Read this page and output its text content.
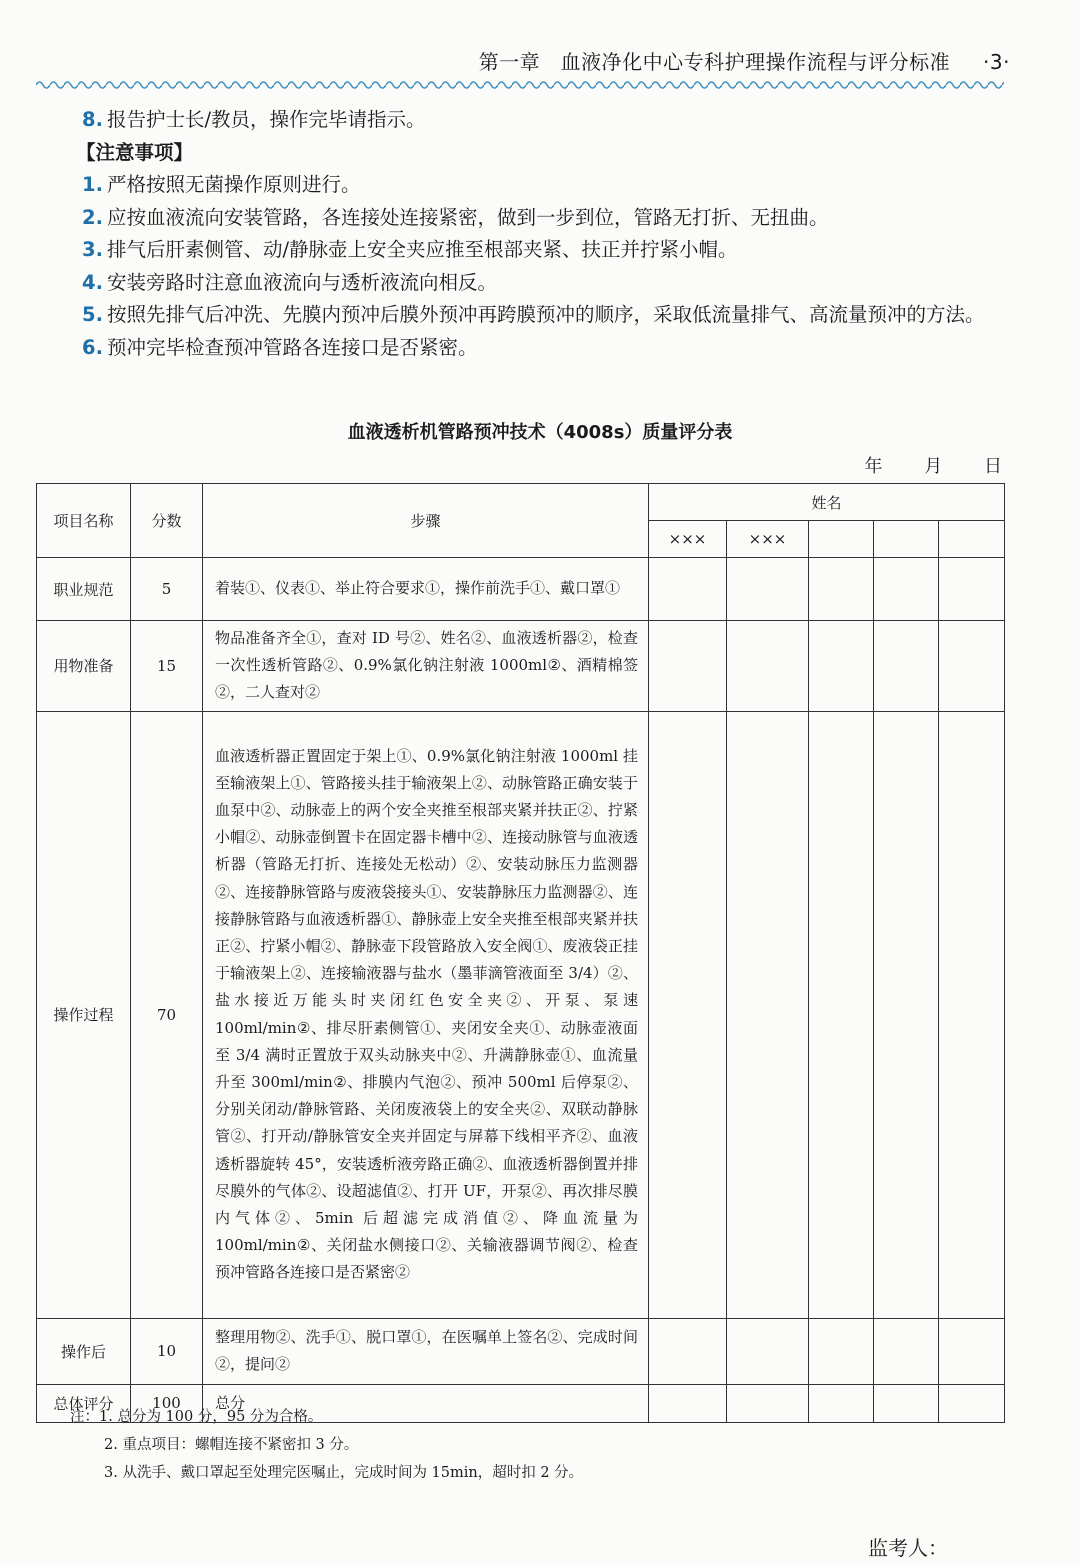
第一章　血液净化中心专科护理操作流程与评分标准 ·3·

8. 报告护士长/教员，操作完毕请指示。

【注意事项】

1. 严格按照无菌操作原则进行。

2. 应按血液流向安装管路，各连接处连接紧密，做到一步到位，管路无打折、无扭曲。

3. 排气后肝素侧管、动/静脉壶上安全夹应推至根部夹紧、扶正并拧紧小帽。

4. 安装旁路时注意血液流向与透析液流向相反。

5. 按照先排气后冲洗、先膜内预冲后膜外预冲再跨膜预冲的顺序，采取低流量排气、高流量预冲的方法。

6. 预冲完毕检查预冲管路各连接口是否紧密。

血液透析机管路预冲技术（4008s）质量评分表
年 月 日
项目名称	分数	步骤	姓名				
			×××	×××			
职业规范	5	着装①、仪表①、举止符合要求①，操作前洗手①、戴口罩①					
用物准备	15	物品准备齐全①，查对 ID 号②、姓名②、血液透析器②，检查一次性透析管路②、0.9%氯化钠注射液 1000ml②、酒精棉签②，二人查对②					
操作过程	70	血液透析器正置固定于架上①、0.9%氯化钠注射液 1000ml 挂至输液架上①、管路接头挂于输液架上②、动脉管路正确安装于血泵中②、动脉壶上的两个安全夹推至根部夹紧并扶正②、拧紧小帽②、动脉壶倒置卡在固定器卡槽中②、连接动脉管与血液透析器（管路无打折、连接处无松动）②、安装动脉压力监测器②、连接静脉管路与废液袋接头①、安装静脉压力监测器②、连接静脉管路与血液透析器①、静脉壶上安全夹推至根部夹紧并扶正②、拧紧小帽②、静脉壶下段管路放入安全阀①、废液袋正挂于输液架上②、连接输液器与盐水（墨菲滴管液面至 3/4）②、盐水接近万能头时夹闭红色安全夹②、开泵、泵速 100ml/min②、排尽肝素侧管①、夹闭安全夹①、动脉壶液面至 3/4 满时正置放于双头动脉夹中②、升满静脉壶①、血流量升至 300ml/min②、排膜内气泡②、预冲 500ml 后停泵②、分别关闭动/静脉管路、关闭废液袋上的安全夹②、双联动静脉管②、打开动/静脉管安全夹并固定与屏幕下线相平齐②、血液透析器旋转 45°，安装透析液旁路正确②、血液透析器倒置并排尽膜外的气体②、设超滤值②、打开 UF，开泵②、再次排尽膜内气体②、5min 后超滤完成消值②、降血流量为 100ml/min②、关闭盐水侧接口②、关输液器调节阀②、检查预冲管路各连接口是否紧密②					
操作后	10	整理用物②、洗手①、脱口罩①，在医嘱单上签名②、完成时间②，提问②					
总体评分	100	总分					

注：1. 总分为 100 分，95 分为合格。

2. 重点项目：螺帽连接不紧密扣 3 分。

3. 从洗手、戴口罩起至处理完医嘱止，完成时间为 15min，超时扣 2 分。

监考人：
